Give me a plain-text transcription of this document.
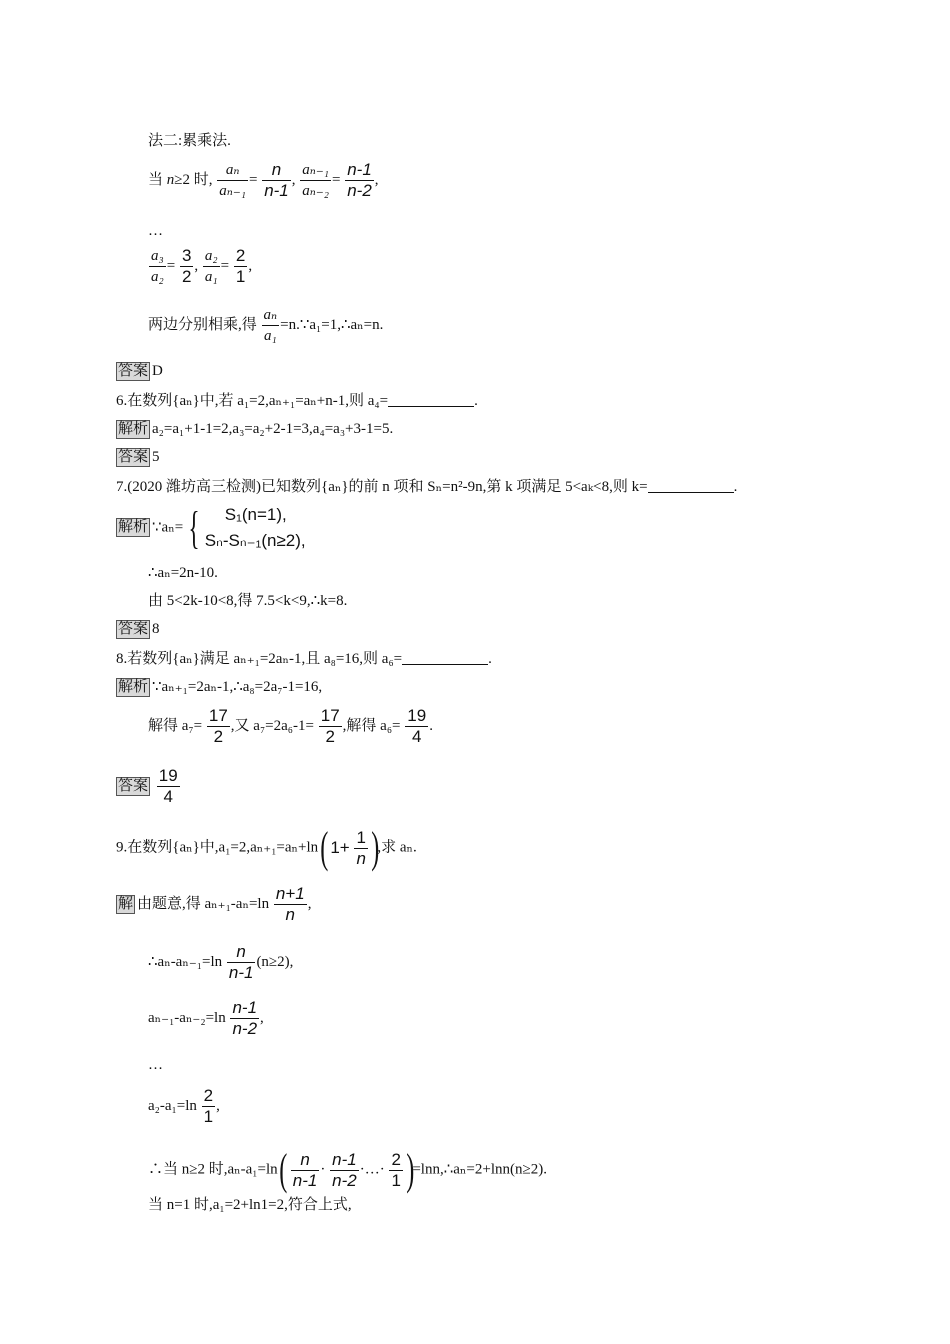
法二:累乘法.
当 n≥2 时, $\frac{\text{aₙ}}{\text{aₙ₋₁}} = \frac{n}{n-1}$ , $\frac{\text{aₙ₋₁}}{\text{aₙ₋₂}} = \frac{n-1}{n-2}$ ,
…
$\frac{\text{a₃}}{\text{a₂}} = \frac{3}{2}$ , $\frac{\text{a₂}}{\text{a₁}} = \frac{2}{1}$ ,
两边分别相乘,得 $\frac{\text{aₙ}}{\text{a₁}}$ =n.∵a₁=1,∴aₙ=n.
答案 D
6.在数列{aₙ}中,若 a₁=2,aₙ₊₁=aₙ+n-1,则 a₄=	.
解析 a₂=a₁+1-1=2,a₃=a₂+2-1=3,a₄=a₃+3-1=5.
答案 5
7.(2020 潍坊高三检测)已知数列{aₙ}的前 n 项和 Sₙ=n²-9n,第 k 项满足 5<aₖ<8,则 k=	.
解析 ∵aₙ= {	S₁(n=1),
Sₙ-Sₙ₋₁(n≥2),
∴aₙ=2n-10.
由 5<2k-10<8,得 7.5<k<9,∴k=8.
答案 8
8.若数列{aₙ}满足 aₙ₊₁=2aₙ-1,且 a₈=16,则 a₆=	.
解析 ∵aₙ₊₁=2aₙ-1,∴a₈=2a₇-1=16,
解得 $a_7= \frac{17}{2}$ ,又 $a_7=2a_6-1= \frac{17}{2}$ ,解得 $a_6= \frac{19}{4}$ .
答案 $\frac{19}{4}$
9.在数列{aₙ}中,a₁=2,aₙ₊₁=aₙ+ln ( $1+ \frac{1}{n}$ ),求 aₙ.
解 由题意,得 $a_{n+1}-a_n=\ln \frac{n+1}{n}$ ,
∴aₙ-aₙ₋₁=ln $\frac{n}{n-1} (n\ge 2)$,
$a_{n-1}-a_{n-2}=\ln \frac{n-1}{n-2}$ ,
…
$a_2-a_1=\ln \frac{2}{1}$ ,
∴当 n≥2 时,aₙ-a₁=ln ( $\frac{n}{n-1} \cdot \frac{n-1}{n-2}$ ·…· $\frac{2}{1}$ )=lnn,∴aₙ=2+lnn(n≥2).
当 n=1 时,a₁=2+ln1=2,符合上式,
